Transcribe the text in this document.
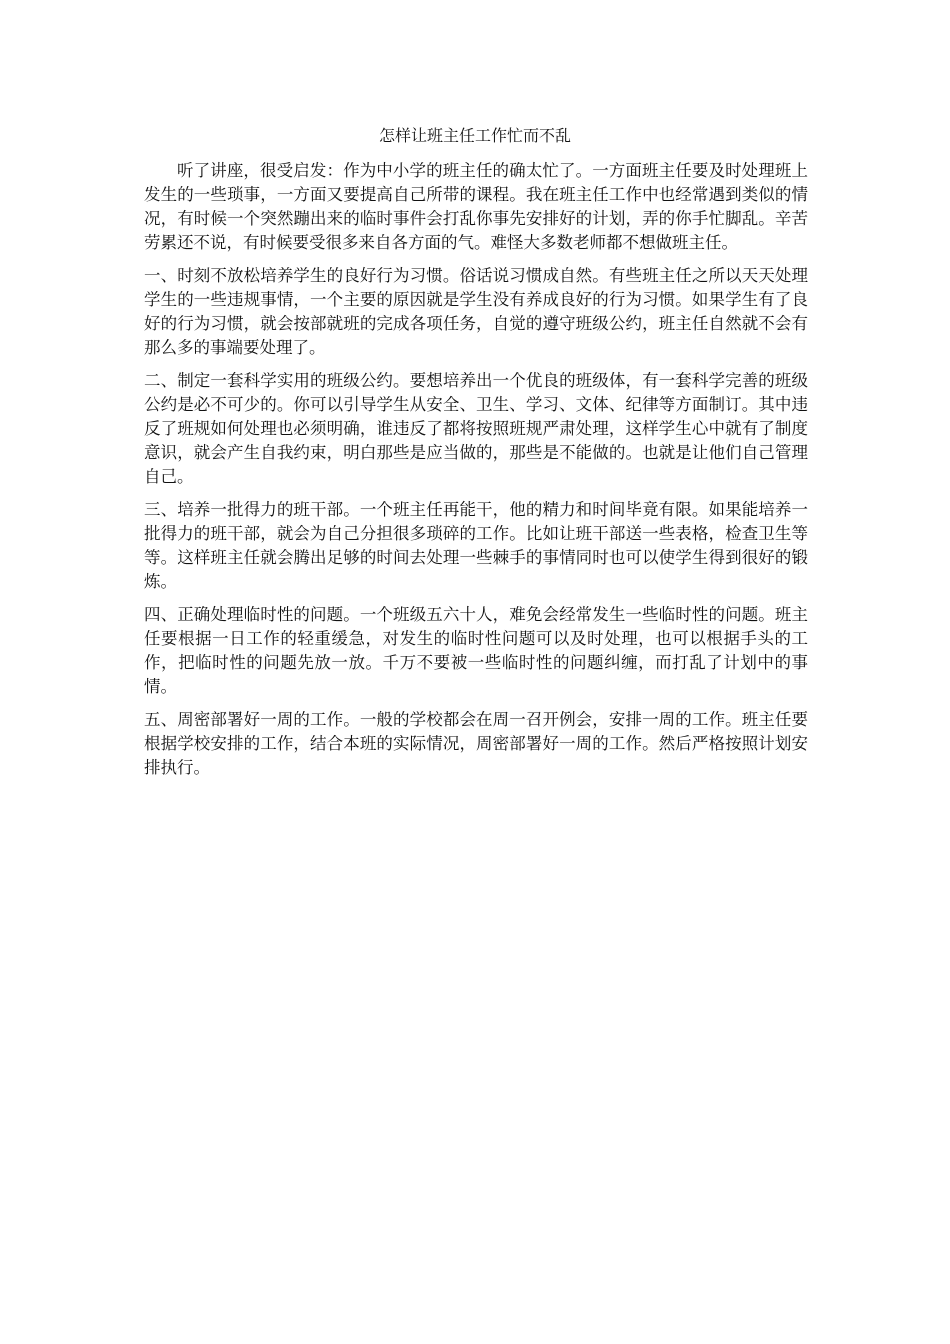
怎样让班主任工作忙而不乱

听了讲座，很受启发：作为中小学的班主任的确太忙了。一方面班主任要及时处理班上发生的一些琐事，一方面又要提高自己所带的课程。我在班主任工作中也经常遇到类似的情况，有时候一个突然蹦出来的临时事件会打乱你事先安排好的计划，弄的你手忙脚乱。辛苦劳累还不说，有时候要受很多来自各方面的气。难怪大多数老师都不想做班主任。

一、时刻不放松培养学生的良好行为习惯。俗话说习惯成自然。有些班主任之所以天天处理学生的一些违规事情，一个主要的原因就是学生没有养成良好的行为习惯。如果学生有了良好的行为习惯，就会按部就班的完成各项任务，自觉的遵守班级公约，班主任自然就不会有那么多的事端要处理了。

二、制定一套科学实用的班级公约。要想培养出一个优良的班级体，有一套科学完善的班级公约是必不可少的。你可以引导学生从安全、卫生、学习、文体、纪律等方面制订。其中违反了班规如何处理也必须明确，谁违反了都将按照班规严肃处理，这样学生心中就有了制度意识，就会产生自我约束，明白那些是应当做的，那些是不能做的。也就是让他们自己管理自己。

三、培养一批得力的班干部。一个班主任再能干，他的精力和时间毕竟有限。如果能培养一批得力的班干部，就会为自己分担很多琐碎的工作。比如让班干部送一些表格，检查卫生等等。这样班主任就会腾出足够的时间去处理一些棘手的事情同时也可以使学生得到很好的锻炼。

四、正确处理临时性的问题。一个班级五六十人，难免会经常发生一些临时性的问题。班主任要根据一日工作的轻重缓急，对发生的临时性问题可以及时处理，也可以根据手头的工作，把临时性的问题先放一放。千万不要被一些临时性的问题纠缠，而打乱了计划中的事情。

五、周密部署好一周的工作。一般的学校都会在周一召开例会，安排一周的工作。班主任要根据学校安排的工作，结合本班的实际情况，周密部署好一周的工作。然后严格按照计划安排执行。
